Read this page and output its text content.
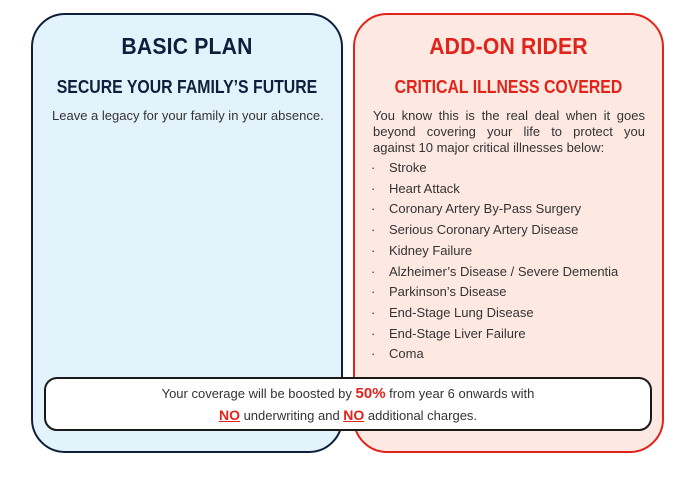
BASIC PLAN
SECURE YOUR FAMILY’S FUTURE
Leave a legacy for your family in your absence.
ADD-ON RIDER
CRITICAL ILLNESS COVERED
You know this is the real deal when it goes beyond covering your life to protect you against 10 major critical illnesses below:
· Stroke
· Heart Attack
· Coronary Artery By-Pass Surgery
· Serious Coronary Artery Disease
· Kidney Failure
· Alzheimer’s Disease / Severe Dementia
· Parkinson’s Disease
· End-Stage Lung Disease
· End-Stage Liver Failure
· Coma
Your coverage will be boosted by 50% from year 6 onwards with
NO underwriting and NO additional charges.
